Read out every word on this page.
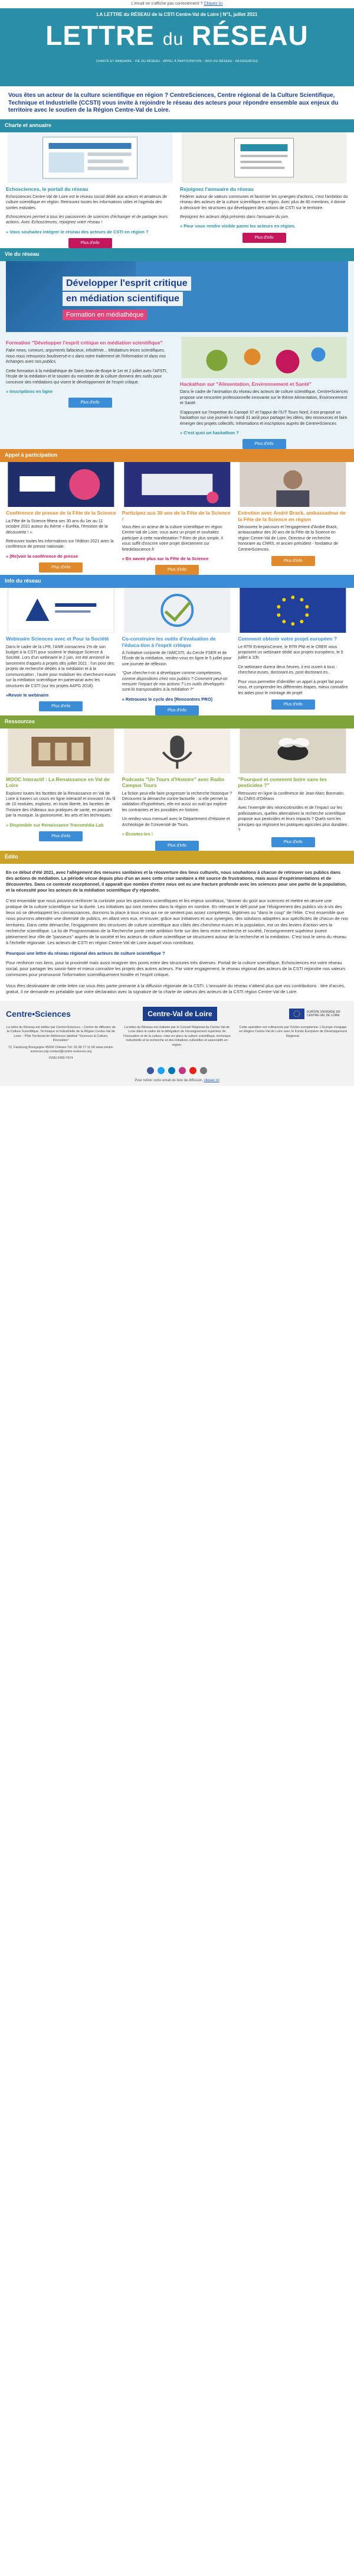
L'email ne s'affiche pas correctement ? Cliquez ici
LA LETTRE du RÉSEAU de la CSTI Centre-Val de Loire | N°1, juillet 2021
LETTRE du RÉSEAU
CHARTE ET ANNUAIRE - VIE DU RÉSEAU - APPEL À PARTICIPATION - INFO DU RÉSEAU - RESSOURCES
Vous êtes un acteur de la culture scientifique en région ? CentreSciences, Centre régional de la Culture Scientifique, Technique et Industrielle (CCSTI) vous invite à rejoindre le réseau des acteurs pour répondre ensemble aux enjeux du territoire avec le soutien de la Région Centre-Val de Loire.
Charte et annuaire
Echosciences, le portail du réseau

Echosciences Centre-Val de Loire est le réseau social dédié aux acteurs et amateurs de culture scientifique en région. Retrouvez toutes les informations utiles et l'agenda des sorties estivales.

Echosciences permet à tous les passionnés de sciences d'échanger et de partager leurs actions. Avec Echosciences, rejoignez votre réseau !

» Vous souhaitez intégrer le réseau des acteurs de CSTI en région ?
Plus d'info
Rejoignez l'annuaire du réseau

Fédérer autour de valeurs communes et favoriser les synergies d'actions, c'est l'ambition du réseau des acteurs de la culture scientifique en région. Avec plus de 80 membres, il donne à découvrir les structures qui développent des actions de CSTI sur le territoire.

Rejoignez les acteurs déjà présents dans l'annuaire du jum.

» Pour vous rendre visible parmi les acteurs en région.
Plus d'info
Vie du réseau
Développer l'esprit critique
en médiation scientifique
Formation en médiathèque
Formation "Développer l'esprit critique en médiation scientifique"

Fake news, rumeurs, arguments fallacieux, infodémie... Médiateurs-trices scientifiques, nous nous retrouvons bouleversé-e-s dans notre traitement de l'information et dans nos échanges avec nos publics.

Cette formation à la médiathèque de Saint-Jean-de-Braye le 1er et 2 juillet avec l'AFSTI, l'école de la médiation et le soutien du ministère de la culture donnera des outils pour concevoir des médiations qui visent le développement de l'esprit critique.

» Inscriptions en ligne
Plus d'info
Hackathon sur "Alimentation, Environnement et Santé"

Dans le cadre de l'animation du réseau des acteurs de culture scientifique, Centre•Sciences propose une rencontre professionnelle innovante sur le thème Alimentation, Environnement et Santé.

S'appuyant sur l'expertise du Canopé 37 et l'appui de l'IUT Tours Nord, il est proposé un hackathon sur une journée le mardi 31 août pour partager les idées, des ressources et faire émerger des projets collectifs. Informations et inscriptions auprès de Centre•Sciences

» C'est quoi un hackathon ?
Plus d'info
Appel à participation
Conférence de presse de la Fête de la Science

La Fête de la Science fêtera ses 30 ans du 1er au 11 octobre 2021 autour du thème « Eurêka, l'émotion de la découverte ! ».

Retrouvez toutes les informations sur l'édition 2021 avec la conférence de presse nationale.

» (Re)voir la conférence de presse
Plus d'info
Participez aux 30 ans de la Fête de la Science !

Vous êtes un acteur de la culture scientifique en région Centre-Val de Loire, vous avez un projet et souhaitez participer à cette manifestation ? Rien de plus simple, il vous suffit d'inscrire votre projet directement sur fetedelascience.fr

» En savoir plus sur la Fête de la Science
Plus d'info
Entretien avec André Brack, ambassadeur de la Fête de la Science en région

Découvrez le parcours et l'engagement d'André Brack, ambassadeur des 30 ans de la Fête de la Science en région Centre-Val de Loire, Directeur de recherche honoraire au CNRS, et ancien président - fondateur de Centre•Sciences.

Plus d'info
Info du réseau
Webinaire Sciences avec et Pour la Société

Dans le cadre de la LPR, l'ANR consacrera 1% de son budget à la CSTI pour soutenir le dialogue Science & Société. Lors d'un webinaire le 2 juin, ont été annoncé le lancement d'appels à projets dès juillet 2021 : l'un pour des projets de recherche dédiés à la médiation et à la communication ; l'autre pour mobiliser les chercheurs-euses sur la médiation scientifique en partenariat avec les structures de CSTI (sur les projets AAPG 2018).

»Revoir le webinaire
Plus d'info
Co-construire les outils d'évaluation de l'éduca-tion à l'esprit critique

À l'initiative conjointe de l'AMCSTI, du Cercle FSER et de l'École de la médiation, rendez-vous en ligne le 5 juillet pour une journée de réflexion.

"Que cherche-t-on à développer comme compétences, comme dispositions chez nos publics ? Comment peut-on mesurer l'impact de nos actions ? Les outils développés sont-ils transposables à la médiation ?"

» Retrouvez le cycle des [Rencontres PRO]
Plus d'info
Comment obtenir votre projet européen ?

Le RTR EntreprisCentre, le RTR PNI et le CRER vous proposent un webinaire dédié aux projets européens, le 5 juillet à 10h.

Ce webinaire durera deux heures, il est ouvert à tous : chercheur.euses, doctorant.es, post-doctorant.es...

Pour vous permettre d'identifier un appel à projet fait pour vous, et comprendre les différentes étapes, mieux connaître les aides pour le montage de projet

Plus d'info
Ressources
MOOC Interactif : La Renaissance en Val de Loire

Explorez toutes les facettes de la Renaissance en Val de Loire à travers un cours en ligne interactif et innovant ! Au fil de 10 modules, explorez, en toute liberté, les facettes de l'histoire des châteaux aux pratiques de santé, en passant par la musique, la gastronomie, les arts et les techniques.

» Disponible sur Renaissance Transmédia Lab
Plus d'info
Podcasts "Un Tours d'Histoire" avec Radio Campus Tours

La fiction peut-elle faire progresser la recherche historique ? Découvrez la démarche contre-factuelle : si elle permet la validation d'hypothèses, elle est aussi un outil qui explore les contraintes et les possibles en histoire.

Un rendez-vous mensuel avec le Département d'Histoire et Archéologie de l'Université de Tours.

» Écoutez-les !
Plus d'info
"Pourquoi et comment boire sans les pesticides ?"

Retrouvez en ligne la conférence de Jean-Marc Bonmatin, du CNRS d'Orléans

Avec l'exemple des néonicotinoïdes et de l'impact sur les pollinisateurs, quelles alternatives la recherche scientifique propose aux pesticides et leurs impacts ? Quels sont les principes qui régissent les pratiques agricoles plus durables ?

Plus d'info
Édito

En ce début d'été 2021, avec l'allègement des mesures sanitaires et la réouverture des lieux culturels, nous souhaitons à chacun de retrouver ses publics dans des actions de médiation. La période vécue depuis plus d'un an avec cette crise sanitaire a été source de frustrations, mais aussi d'expérimentations et de découvertes. Dans ce contexte exceptionnel, il apparaît que nombre d'entre nous ont eu une fracture profonde avec les sciences pour une partie de la population, et la nécessité pour les acteurs de la médiation scientifique d'y répondre.

C'est ensemble que nous pouvons renforcer la curiosité pour les questions scientifiques et les enjeux sociétaux, "donner du goût aux sciences et mettre en œuvre une pratique de la culture scientifique sur la durée. Les initiatives qui sont menées dans la région en nombre. En relevant le défi posé par l'éloignement des publics vis-à-vis des lieux où se développent les connaissances, donnons la place à tous ceux qui ne se sentent pas assez compétents, légitimes ou "dans le coup" de l'élite. C'est ensemble que nous pourrons atteindre une diversité de publics, en allant vers eux, et trouver, grâce aux initiatives et aux synergies, des solutions adaptées aux spécificités de chacun de nos territoires. Dans cette démarche, l'engagement des structures de culture scientifique aux côtés des chercheur-euses et la population, est un des leviers d'action vers la recherche scientifique. La loi de Programmation de la Recherche porte cette ambition forte sur des liens entre recherche et société, l'enseignement supérieur jouent pleinement leur rôle de "passeurs" auprès de la société et les acteurs de culture scientifique se structurent autour de la recherche et la médiation. C'est tout le sens du réseau à l'échelle régionale. Les acteurs de CSTI en région Centre-Val de Loire auquel vous contribuez.

Pourquoi une lettre du réseau régional des acteurs de culture scientifique ?

Pour renforcer nos liens, pour la proximité mais aussi imaginer des ponts entre des structures très diverses. Portail de la culture scientifique, Echosciences est votre réseau social, pour partager les savoir-faire et mieux connaître les projets des autres acteurs. Par votre engagement, le réseau régional des acteurs de la CSTI rejoindre nos valeurs communes pour promouvoir l'information scientifiquement fondée et l'esprit critique.

Vous êtes destinataire de cette lettre car vous êtes partie prenante à la diffusion régionale de la CSTI. L'annuaire du réseau n'attend plus que vos contributions : titre d'accès, gratuit, il ne demande en préalable que votre déclaration avec la signature de la charte de valeurs des acteurs de la CSTI région Centre-Val de Loire.

Centre•Sciences	Centre-Val de Loire	EUROPE S'ENGAGE EN CENTRE-VAL DE LOIRE

La lettre du Réseau est éditée par Centre•Sciences – Centre de diffusion de la Culture Scientifique, Technique et Industrielle de la Région Centre-Val de Loire – Pôle Territorial de Référence labélisé "Sciences & Culture, Innovation"

72, Faubourg Bourgogne 45000 Orléans Tél. 02.38.77.11.06 www.centre-sciences.org contact@centre-sciences.org

ISSN 2490-7674

La lettre du Réseau est réalisée par le Conseil Régional du Centre Val de Loire dans le cadre de la délégation de l'enseignement supérieur de l'innovation et de la culture, mise en place la culture scientifique, technique industrielle et la recherche et des initiatives culturelles et associatifs en région.
Cette opération est cofinancée par l'Union européenne. L'Europe s'engage en Région Centre-Val de Loire avec le Fonds Européen de Développement Régional.
Pour retirer votre email de liste de diffusion, cliquez ici
